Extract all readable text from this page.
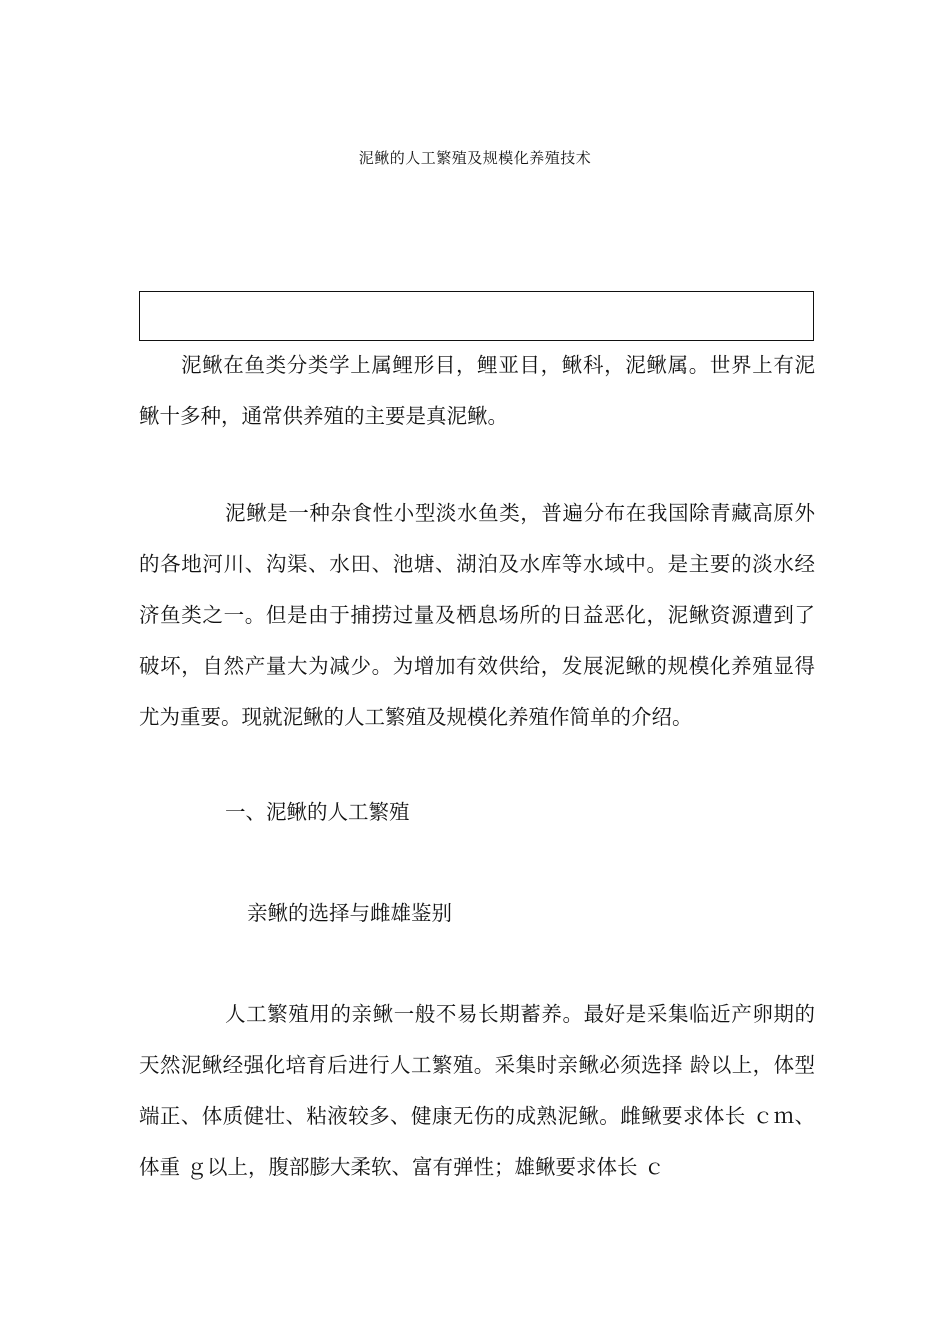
泥鳅的人工繁殖及规模化养殖技术

泥鳅在鱼类分类学上属鲤形目，鲤亚目，鳅科，泥鳅属。世界上有泥鳅十多种，通常供养殖的主要是真泥鳅。

泥鳅是一种杂食性小型淡水鱼类，普遍分布在我国除青藏高原外的各地河川、沟渠、水田、池塘、湖泊及水库等水域中。是主要的淡水经济鱼类之一。但是由于捕捞过量及栖息场所的日益恶化，泥鳅资源遭到了破坏，自然产量大为减少。为增加有效供给，发展泥鳅的规模化养殖显得尤为重要。现就泥鳅的人工繁殖及规模化养殖作简单的介绍。

一、泥鳅的人工繁殖

亲鳅的选择与雌雄鉴别

人工繁殖用的亲鳅一般不易长期蓄养。最好是采集临近产卵期的天然泥鳅经强化培育后进行人工繁殖。采集时亲鳅必须选择 龄以上，体型端正、体质健壮、粘液较多、健康无伤的成熟泥鳅。雌鳅要求体长 ｃｍ、体重 ｇ以上，腹部膨大柔软、富有弹性；雄鳅要求体长 ｃ
